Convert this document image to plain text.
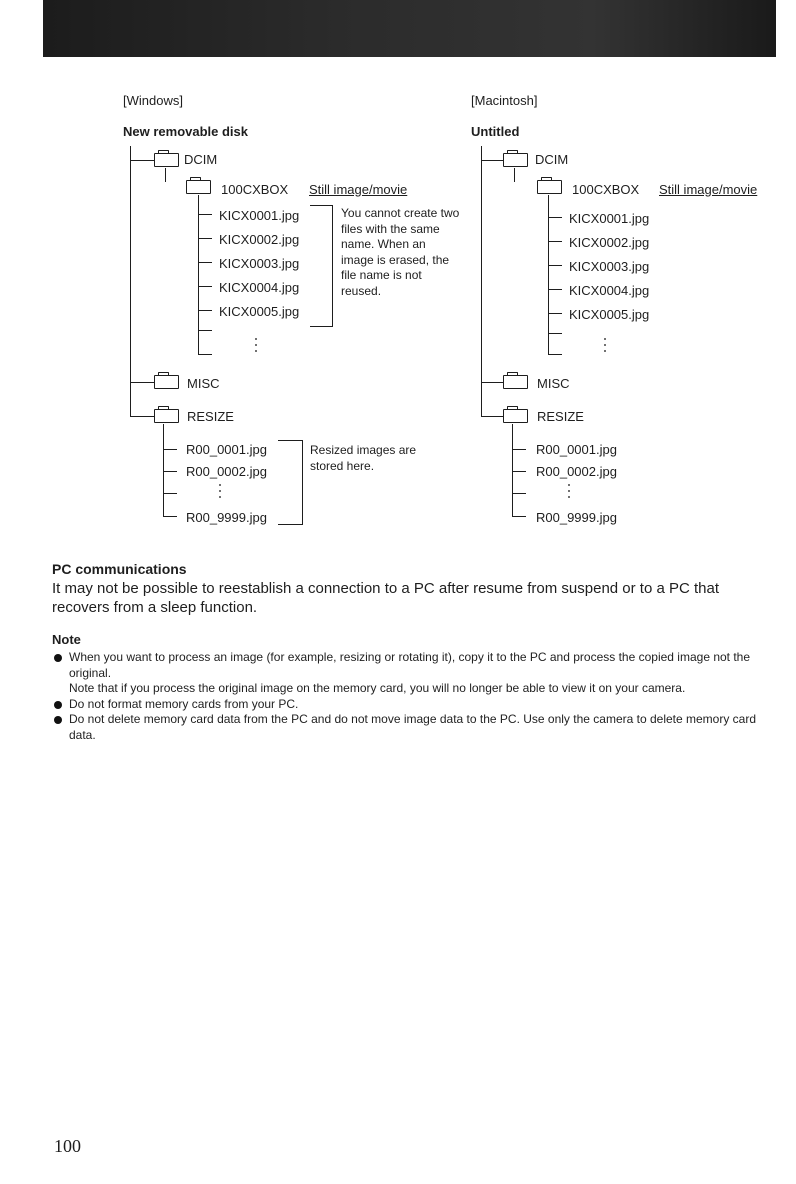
[Windows]
New removable disk
DCIM
100CXBOX Still image/movie
KICX0001.jpg
KICX0002.jpg
KICX0003.jpg
KICX0004.jpg
KICX0005.jpg
You cannot create two files with the same name. When an image is erased, the file name is not reused.
MISC
RESIZE
R00_0001.jpg
R00_0002.jpg
R00_9999.jpg
Resized images are stored here.
[Macintosh]
Untitled
DCIM
100CXBOX Still image/movie
KICX0001.jpg
KICX0002.jpg
KICX0003.jpg
KICX0004.jpg
KICX0005.jpg
MISC
RESIZE
R00_0001.jpg
R00_0002.jpg
R00_9999.jpg
PC communications
It may not be possible to reestablish a connection to a PC after resume from suspend or to a PC that recovers from a sleep function.
Note
When you want to process an image (for example, resizing or rotating it), copy it to the PC and process the copied image not the original.
Note that if you process the original image on the memory card, you will no longer be able to view it on your camera.
Do not format memory cards from your PC.
Do not delete memory card data from the PC and do not move image data to the PC. Use only the camera to delete memory card data.
100
